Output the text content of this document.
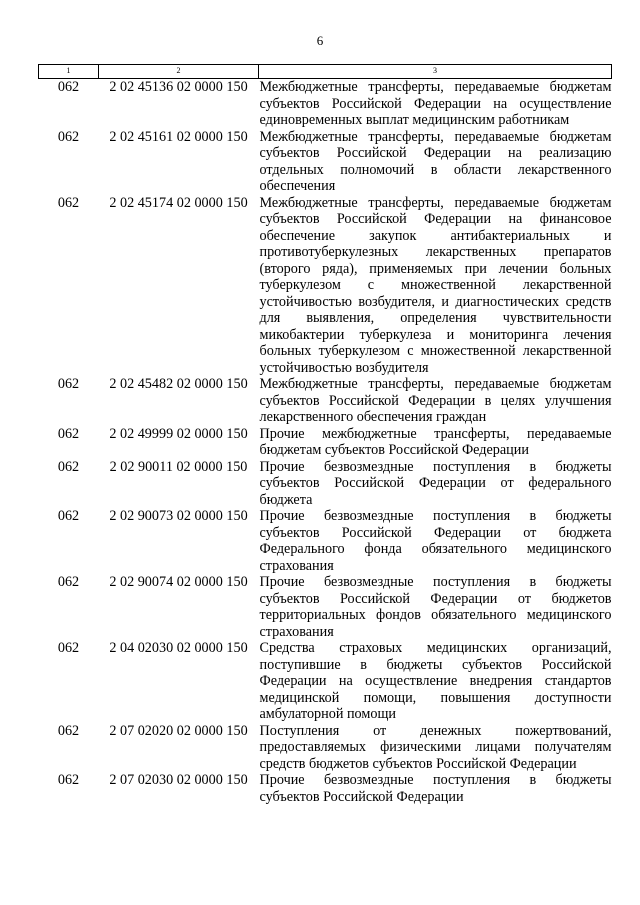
6
1	2	3
062	2 02 45136 02 0000 150	Межбюджетные трансферты, передаваемые бюджетам субъектов Российской Федерации на осуществление единовременных выплат медицинским работникам
062	2 02 45161 02 0000 150	Межбюджетные трансферты, передаваемые бюджетам субъектов Российской Федерации на реализацию отдельных полномочий в области лекарственного обеспечения
062	2 02 45174 02 0000 150	Межбюджетные трансферты, передаваемые бюджетам субъектов Российской Федерации на финансовое обеспечение закупок антибактериальных и противотуберкулезных лекарственных препаратов (второго ряда), применяемых при лечении больных туберкулезом с множественной лекарственной устойчивостью возбудителя, и диагностических средств для выявления, определения чувствительности микобактерии туберкулеза и мониторинга лечения больных туберкулезом с множественной лекарственной устойчивостью возбудителя
062	2 02 45482 02 0000 150	Межбюджетные трансферты, передаваемые бюджетам субъектов Российской Федерации в целях улучшения лекарственного обеспечения граждан
062	2 02 49999 02 0000 150	Прочие межбюджетные трансферты, передаваемые бюджетам субъектов Российской Федерации
062	2 02 90011 02 0000 150	Прочие безвозмездные поступления в бюджеты субъектов Российской Федерации от федерального бюджета
062	2 02 90073 02 0000 150	Прочие безвозмездные поступления в бюджеты субъектов Российской Федерации от бюджета Федерального фонда обязательного медицинского страхования
062	2 02 90074 02 0000 150	Прочие безвозмездные поступления в бюджеты субъектов Российской Федерации от бюджетов территориальных фондов обязательного медицинского страхования
062	2 04 02030 02 0000 150	Средства страховых медицинских организаций, поступившие в бюджеты субъектов Российской Федерации на осуществление внедрения стандартов медицинской помощи, повышения доступности амбулаторной помощи
062	2 07 02020 02 0000 150	Поступления от денежных пожертвований, предоставляемых физическими лицами получателям средств бюджетов субъектов Российской Федерации
062	2 07 02030 02 0000 150	Прочие безвозмездные поступления в бюджеты субъектов Российской Федерации
